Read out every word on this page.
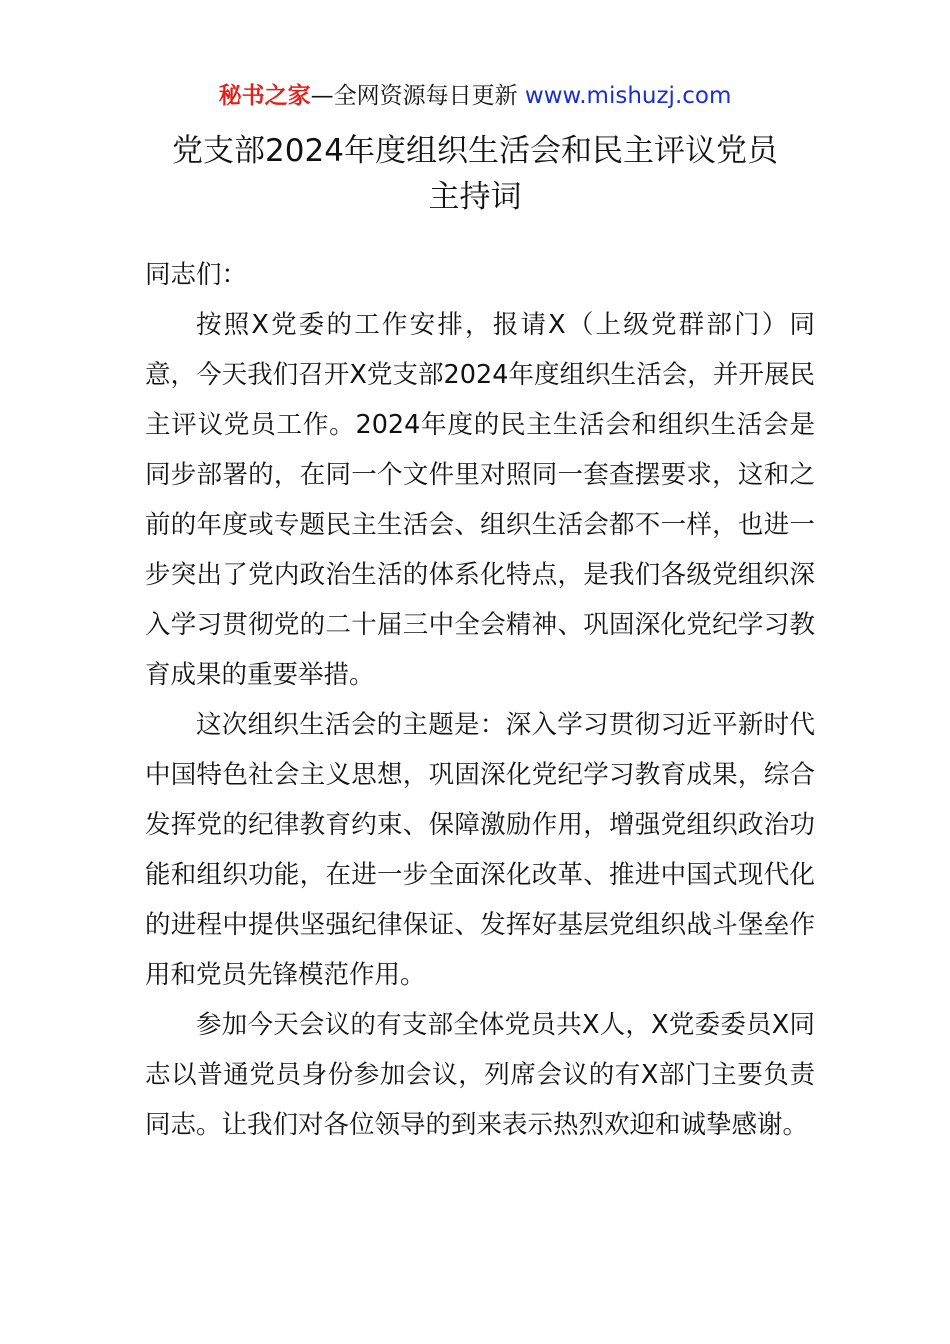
秘书之家—全网资源每日更新 www.mishuzj.com
党支部2024年度组织生活会和民主评议党员
主持词

同志们：

按照X党委的工作安排，报请X（上级党群部门）同意，今天我们召开X党支部2024年度组织生活会，并开展民主评议党员工作。2024年度的民主生活会和组织生活会是同步部署的，在同一个文件里对照同一套查摆要求，这和之前的年度或专题民主生活会、组织生活会都不一样，也进一步突出了党内政治生活的体系化特点，是我们各级党组织深入学习贯彻党的二十届三中全会精神、巩固深化党纪学习教育成果的重要举措。

这次组织生活会的主题是：深入学习贯彻习近平新时代中国特色社会主义思想，巩固深化党纪学习教育成果，综合发挥党的纪律教育约束、保障激励作用，增强党组织政治功能和组织功能，在进一步全面深化改革、推进中国式现代化的进程中提供坚强纪律保证、发挥好基层党组织战斗堡垒作用和党员先锋模范作用。

参加今天会议的有支部全体党员共X人，X党委委员X同志以普通党员身份参加会议，列席会议的有X部门主要负责同志。让我们对各位领导的到来表示热烈欢迎和诚挚感谢。
